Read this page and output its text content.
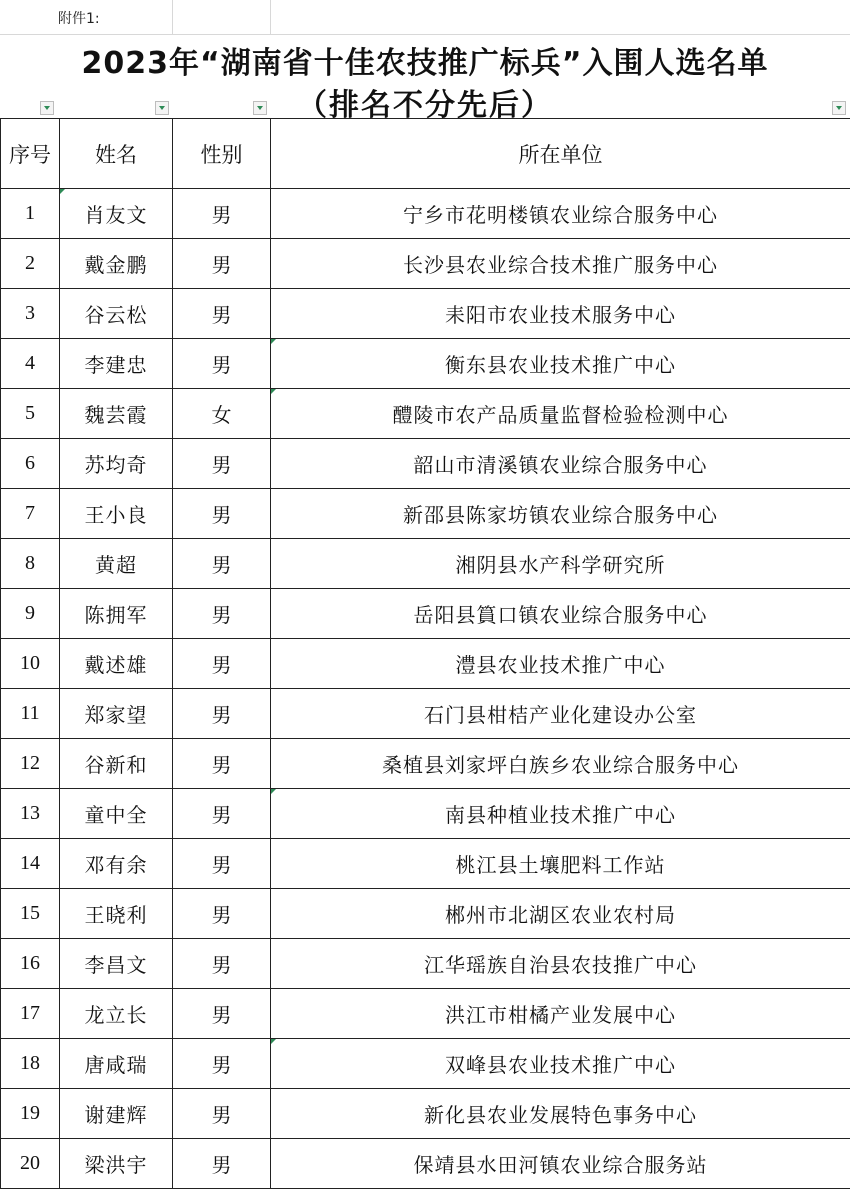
附件1:
2023年“湖南省十佳农技推广标兵”入围人选名单
（排名不分先后）
序号	姓名	性别	所在单位
1	肖友文	男	宁乡市花明楼镇农业综合服务中心
2	戴金鹏	男	长沙县农业综合技术推广服务中心
3	谷云松	男	耒阳市农业技术服务中心
4	李建忠	男	衡东县农业技术推广中心
5	魏芸霞	女	醴陵市农产品质量监督检验检测中心
6	苏均奇	男	韶山市清溪镇农业综合服务中心
7	王小良	男	新邵县陈家坊镇农业综合服务中心
8	黄超	男	湘阴县水产科学研究所
9	陈拥军	男	岳阳县篔口镇农业综合服务中心
10	戴述雄	男	澧县农业技术推广中心
11	郑家望	男	石门县柑桔产业化建设办公室
12	谷新和	男	桑植县刘家坪白族乡农业综合服务中心
13	童中全	男	南县种植业技术推广中心
14	邓有余	男	桃江县土壤肥料工作站
15	王晓利	男	郴州市北湖区农业农村局
16	李昌文	男	江华瑶族自治县农技推广中心
17	龙立长	男	洪江市柑橘产业发展中心
18	唐咸瑞	男	双峰县农业技术推广中心
19	谢建辉	男	新化县农业发展特色事务中心
20	梁洪宇	男	保靖县水田河镇农业综合服务站
